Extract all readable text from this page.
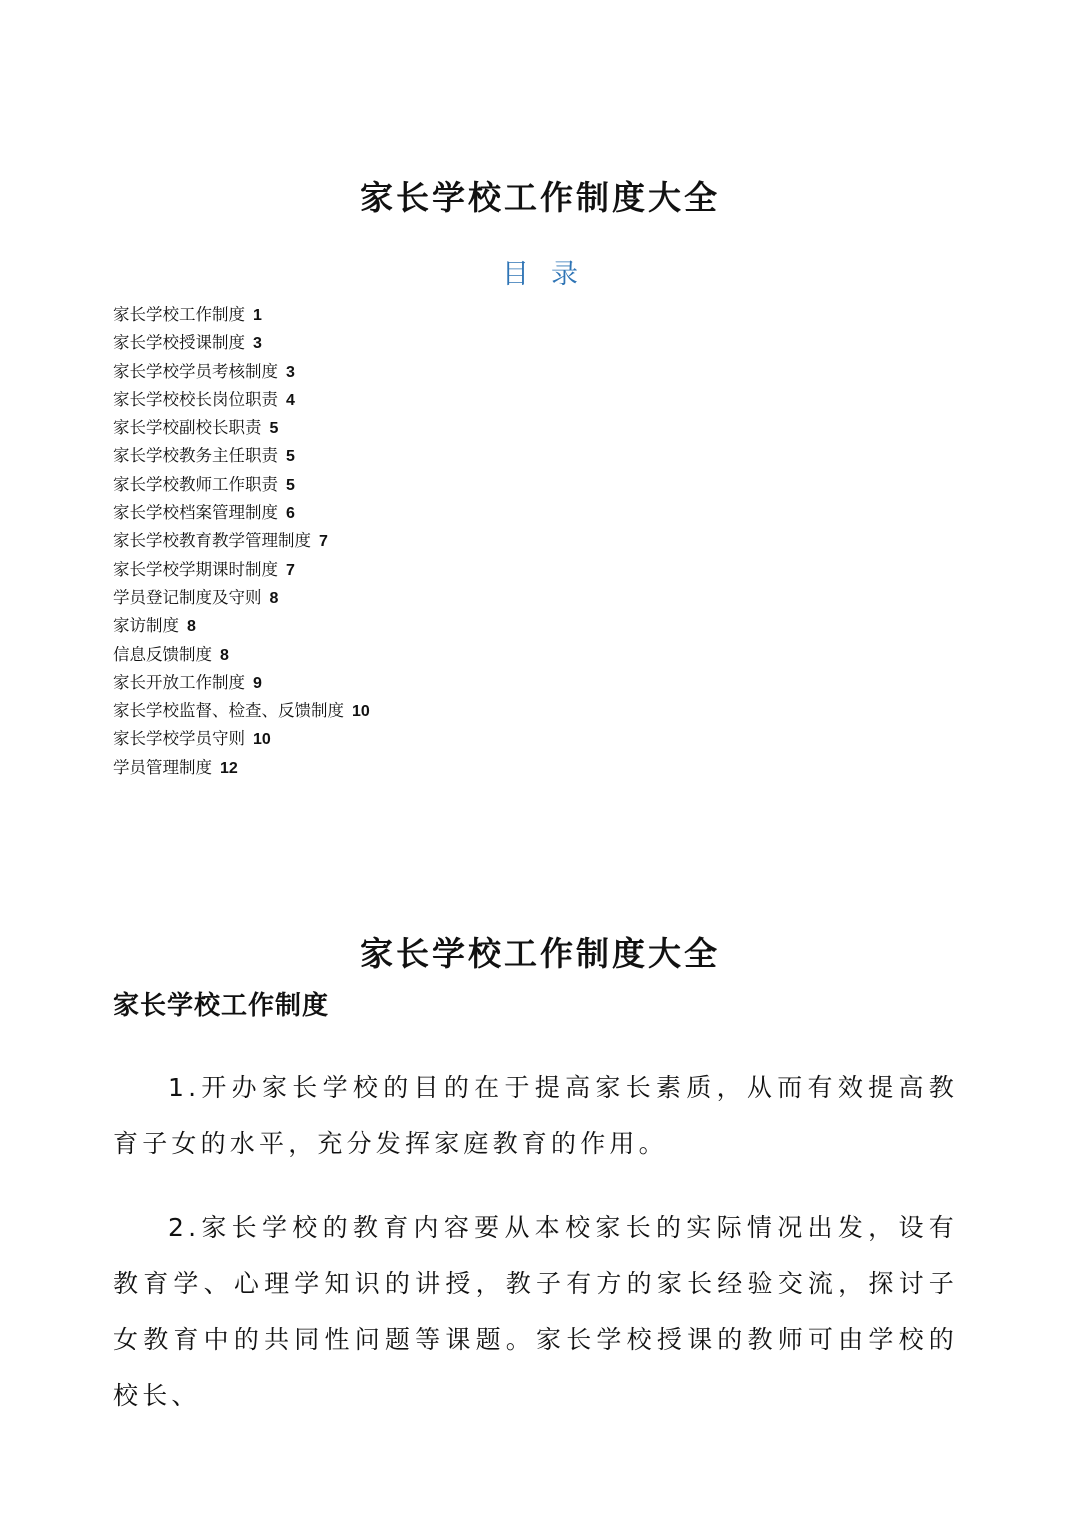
家长学校工作制度大全
目录
家长学校工作制度 1
家长学校授课制度 3
家长学校学员考核制度 3
家长学校校长岗位职责 4
家长学校副校长职责 5
家长学校教务主任职责 5
家长学校教师工作职责 5
家长学校档案管理制度 6
家长学校教育教学管理制度 7
家长学校学期课时制度 7
学员登记制度及守则 8
家访制度 8
信息反馈制度 8
家长开放工作制度 9
家长学校监督、检查、反馈制度 10
家长学校学员守则 10
学员管理制度 12
家长学校工作制度大全
家长学校工作制度

1.开办家长学校的目的在于提高家长素质，从而有效提高教育子女的水平，充分发挥家庭教育的作用。

2.家长学校的教育内容要从本校家长的实际情况出发，设有教育学、心理学知识的讲授，教子有方的家长经验交流，探讨子女教育中的共同性问题等课题。家长学校授课的教师可由学校的校长、
